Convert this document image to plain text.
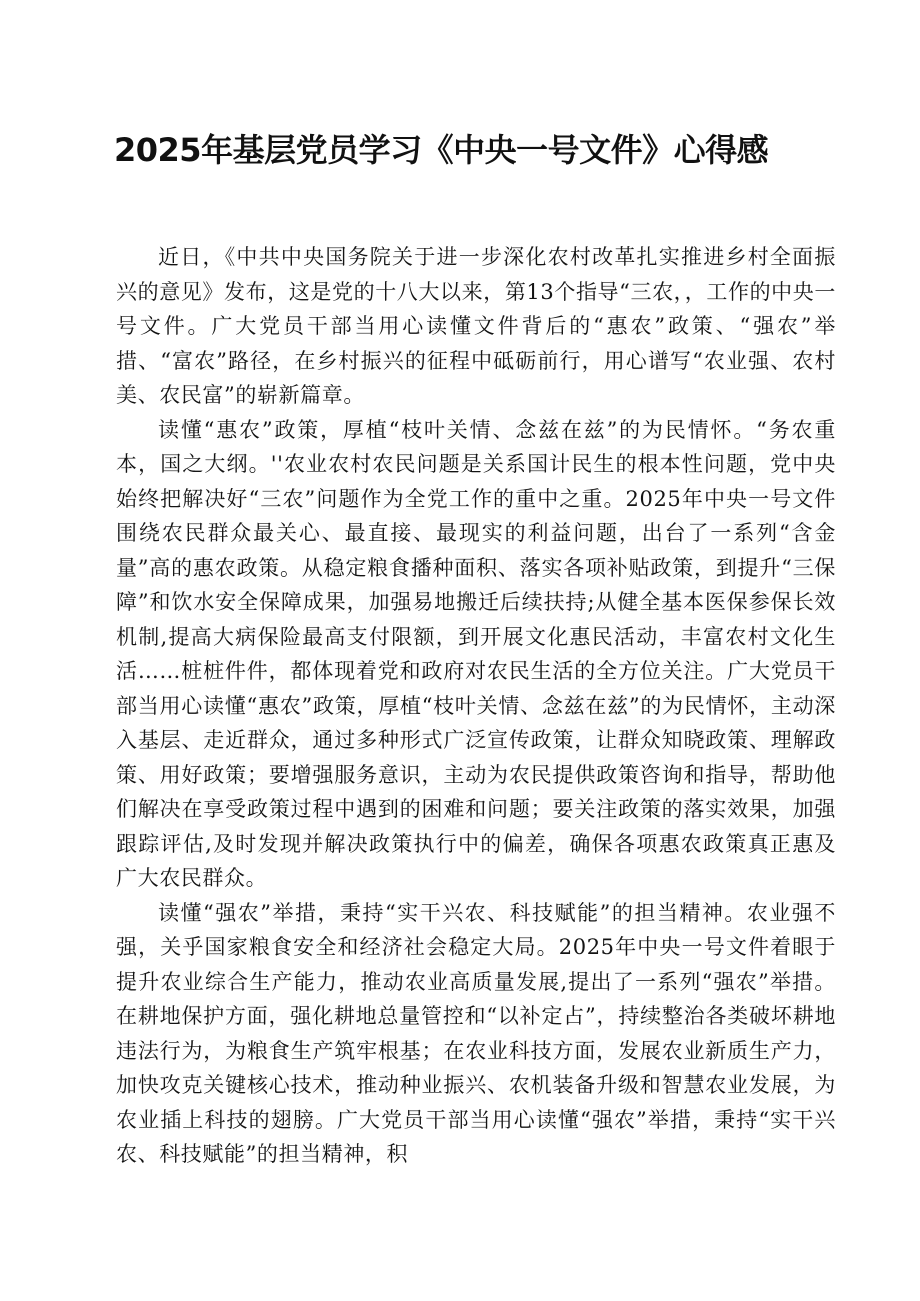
2025年基层党员学习《中央一号文件》心得感

近日，《中共中央国务院关于进一步深化农村改革扎实推进乡村全面振兴的意见》发布，这是党的十八大以来，第13个指导“三农，，工作的中央一号文件。广大党员干部当用心读懂文件背后的“惠农”政策、“强农”举措、“富农”路径，在乡村振兴的征程中砥砺前行，用心谱写“农业强、农村美、农民富”的崭新篇章。

读懂“惠农”政策，厚植“枝叶关情、念兹在兹”的为民情怀。“务农重本，国之大纲。''农业农村农民问题是关系国计民生的根本性问题，党中央始终把解决好“三农”问题作为全党工作的重中之重。2025年中央一号文件围绕农民群众最关心、最直接、最现实的利益问题，出台了一系列“含金量”高的惠农政策。从稳定粮食播种面积、落实各项补贴政策，到提升“三保障”和饮水安全保障成果，加强易地搬迁后续扶持;从健全基本医保参保长效机制,提高大病保险最高支付限额，到开展文化惠民活动，丰富农村文化生活……桩桩件件，都体现着党和政府对农民生活的全方位关注。广大党员干部当用心读懂“惠农”政策，厚植“枝叶关情、念兹在兹”的为民情怀，主动深入基层、走近群众，通过多种形式广泛宣传政策，让群众知晓政策、理解政策、用好政策；要增强服务意识，主动为农民提供政策咨询和指导，帮助他们解决在享受政策过程中遇到的困难和问题；要关注政策的落实效果，加强跟踪评估,及时发现并解决政策执行中的偏差，确保各项惠农政策真正惠及广大农民群众。

读懂“强农”举措，秉持“实干兴农、科技赋能”的担当精神。农业强不强，关乎国家粮食安全和经济社会稳定大局。2025年中央一号文件着眼于提升农业综合生产能力，推动农业高质量发展,提出了一系列“强农”举措。在耕地保护方面，强化耕地总量管控和“以补定占”，持续整治各类破坏耕地违法行为，为粮食生产筑牢根基；在农业科技方面，发展农业新质生产力，加快攻克关键核心技术，推动种业振兴、农机装备升级和智慧农业发展，为农业插上科技的翅膀。广大党员干部当用心读懂“强农”举措，秉持“实干兴农、科技赋能”的担当精神，积
